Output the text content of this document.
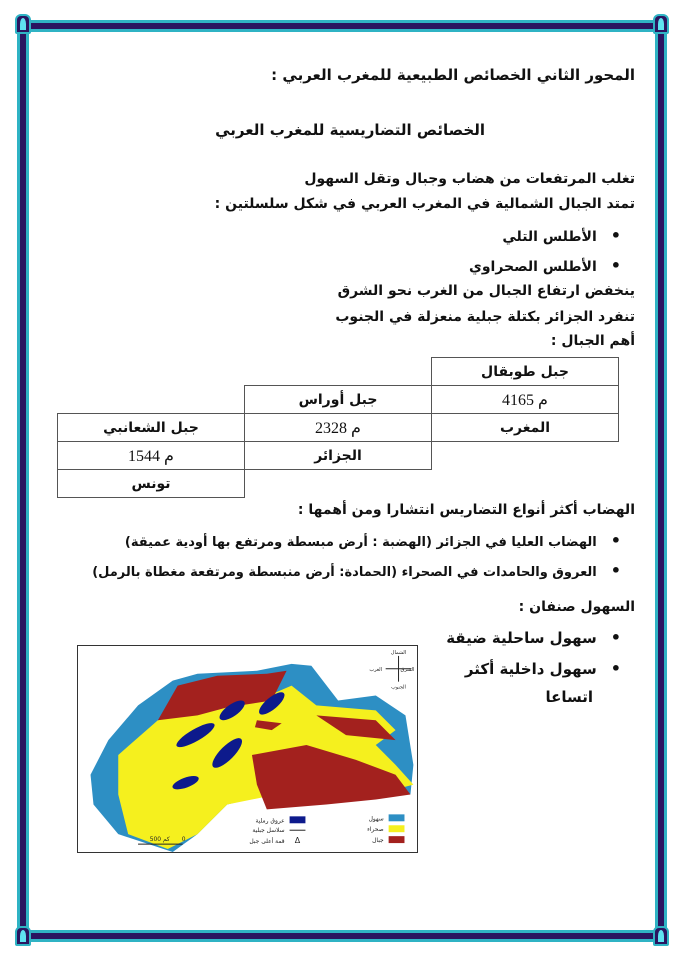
المحور الثاني الخصائص الطبيعية للمغرب العربي :
الخصائص التضاريسية للمغرب العربي
تغلب المرتفعات من هضاب وجبال وتقل السهول
تمتد الجبال الشمالية في المغرب العربي في شكل سلسلتين :
• الأطلس التلي
• الأطلس الصحراوي
ينخفض ارتفاع الجبال من الغرب نحو الشرق
تنفرد الجزائر بكتلة جبلية منعزلة في الجنوب
أهم الجبال :
		جبل طوبقال
	جبل أوراس	4165 م
جبل الشعانبي	2328 م	المغرب
1544 م	الجزائر	
تونس		
الهضاب أكثر أنواع التضاريس انتشارا ومن أهمها :
• الهضاب العليا في الجزائر (الهضبة : أرض مبسطة ومرتفع بها أودية عميقة)
• العروق والحامدات في الصحراء (الحمادة: أرض منبسطة ومرتفعة مغطاة بالرمل)
السهول صنفان :
• سهول ساحلية ضيقة
• سهول داخلية أكثر
اتساعا
الشمال
الجنوب
الغرب	الشرق
سهول
صحراء
جبال
عروق رملية
سلاسل جبلية
Δ
قمة أعلى جبل
500 كم 0
